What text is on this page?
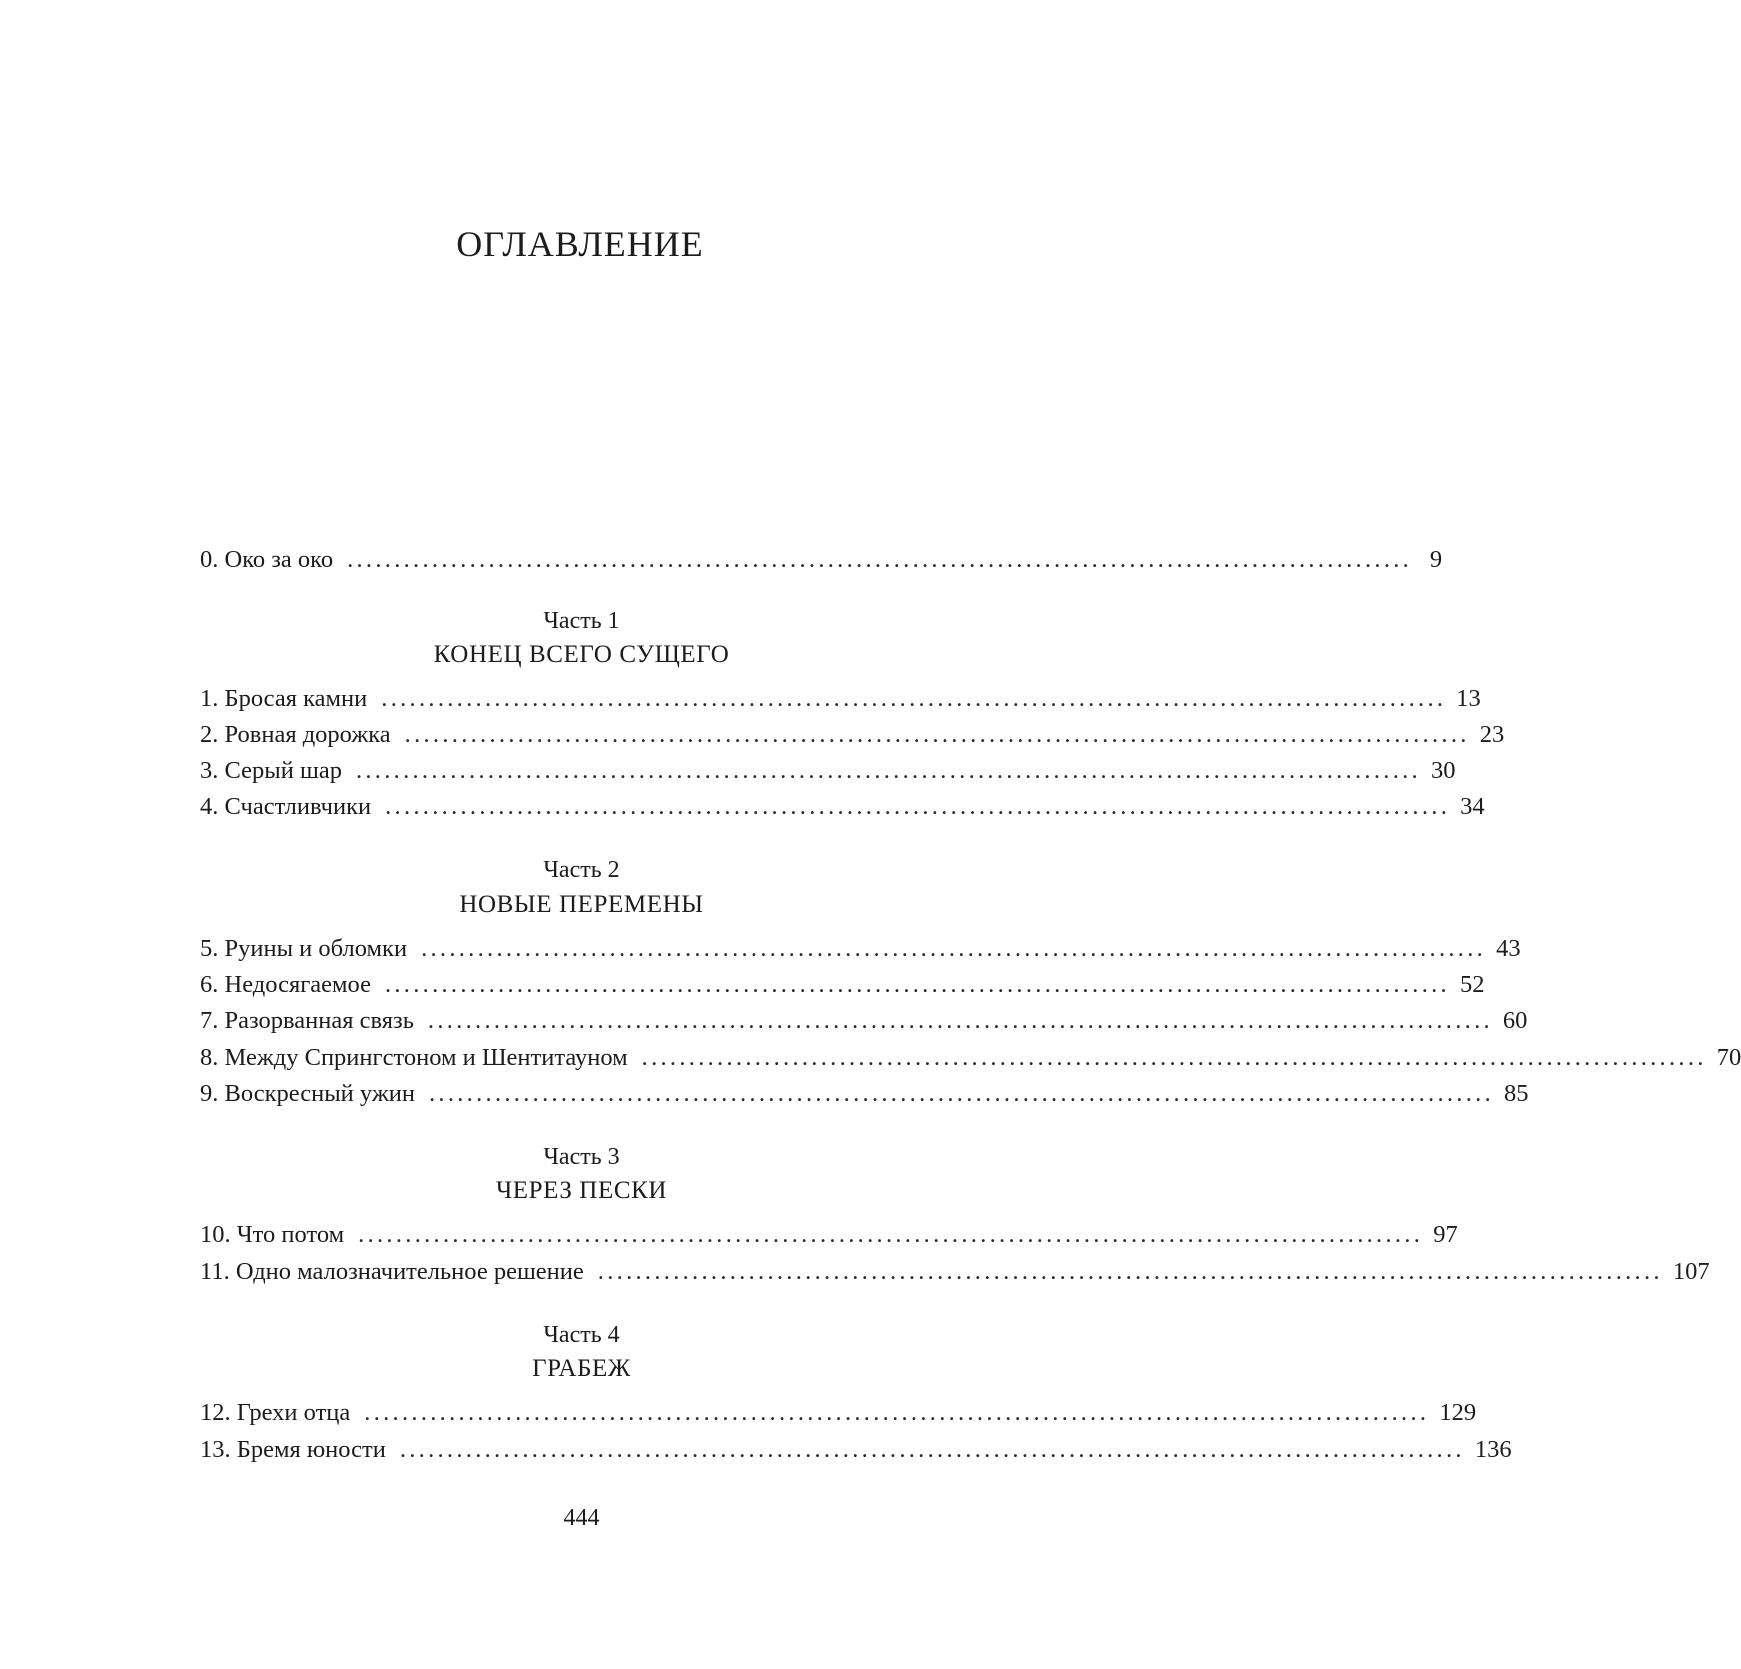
ОГЛАВЛЕНИЕ
0. Око за око ................................................................................................................. 9
Часть 1
КОНЕЦ ВСЕГО СУЩЕГО
1. Бросая камни ................................................................................................................. 13
2. Ровная дорожка ................................................................................................................. 23
3. Серый шар ................................................................................................................. 30
4. Счастливчики ................................................................................................................. 34
Часть 2
НОВЫЕ ПЕРЕМЕНЫ
5. Руины и обломки ................................................................................................................. 43
6. Недосягаемое ................................................................................................................. 52
7. Разорванная связь ................................................................................................................. 60
8. Между Спрингстоном и Шентитауном ................................................................................................................. 70
9. Воскресный ужин ................................................................................................................. 85
Часть 3
ЧЕРЕЗ ПЕСКИ
10. Что потом ................................................................................................................. 97
11. Одно малозначительное решение ................................................................................................................. 107
Часть 4
ГРАБЕЖ
12. Грехи отца ................................................................................................................. 129
13. Бремя юности ................................................................................................................. 136
444
